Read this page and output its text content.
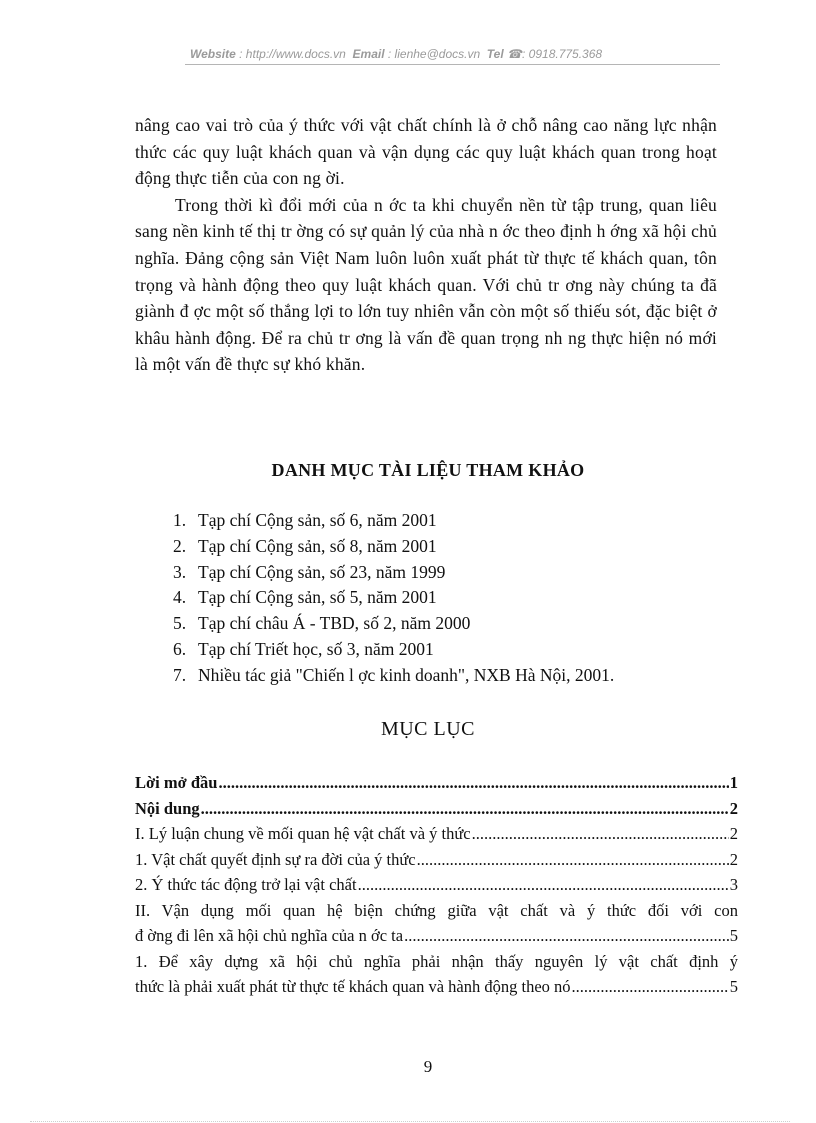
Website : http://www.docs.vn Email : lienhe@docs.vn Tel ☎: 0918.775.368

nâng cao vai trò của ý thức với vật chất chính là ở chỗ nâng cao năng lực nhận thức các quy luật khách quan và vận dụng các quy luật khách quan trong hoạt động thực tiễn của con ng ời.

Trong thời kì đổi mới của n ớc ta khi chuyển nền từ tập trung, quan liêu sang nền kinh tế thị tr ờng có sự quản lý của nhà n ớc theo định h ớng xã hội chủ nghĩa. Đảng cộng sản Việt Nam luôn luôn xuất phát từ thực tế khách quan, tôn trọng và hành động theo quy luật khách quan. Với chủ tr ơng này chúng ta đã giành đ ợc một số thắng lợi to lớn tuy nhiên vẫn còn một số thiếu sót, đặc biệt ở khâu hành động. Để ra chủ tr ơng là vấn đề quan trọng nh ng thực hiện nó mới là một vấn đề thực sự khó khăn.

DANH MỤC TÀI LIỆU THAM KHẢO
1. Tạp chí Cộng sản, số 6, năm 2001
2. Tạp chí Cộng sản, số 8, năm 2001
3. Tạp chí Cộng sản, số 23, năm 1999
4. Tạp chí Cộng sản, số 5, năm 2001
5. Tạp chí châu Á - TBD, số 2, năm 2000
6. Tạp chí Triết học, số 3, năm 2001
7. Nhiều tác giả "Chiến l ợc kinh doanh", NXB Hà Nội, 2001.
MỤC LỤC
Lời mở đầu .....	1
Nội dung .....	2
I. Lý luận chung về mối quan hệ vật chất và ý thức .....	2
1. Vật chất quyết định sự ra đời của ý thức .....	2
2. Ý thức tác động trở lại vật chất .....	3
II. Vận dụng mối quan hệ biện chứng giữa vật chất và ý thức đối với con
đ ờng đi lên xã hội chủ nghĩa của n ớc ta .....	5
1. Để xây dựng xã hội chủ nghĩa phải nhận thấy nguyên lý vật chất định ý
thức là phải xuất phát từ thực tế khách quan và hành động theo nó .....	5
9
